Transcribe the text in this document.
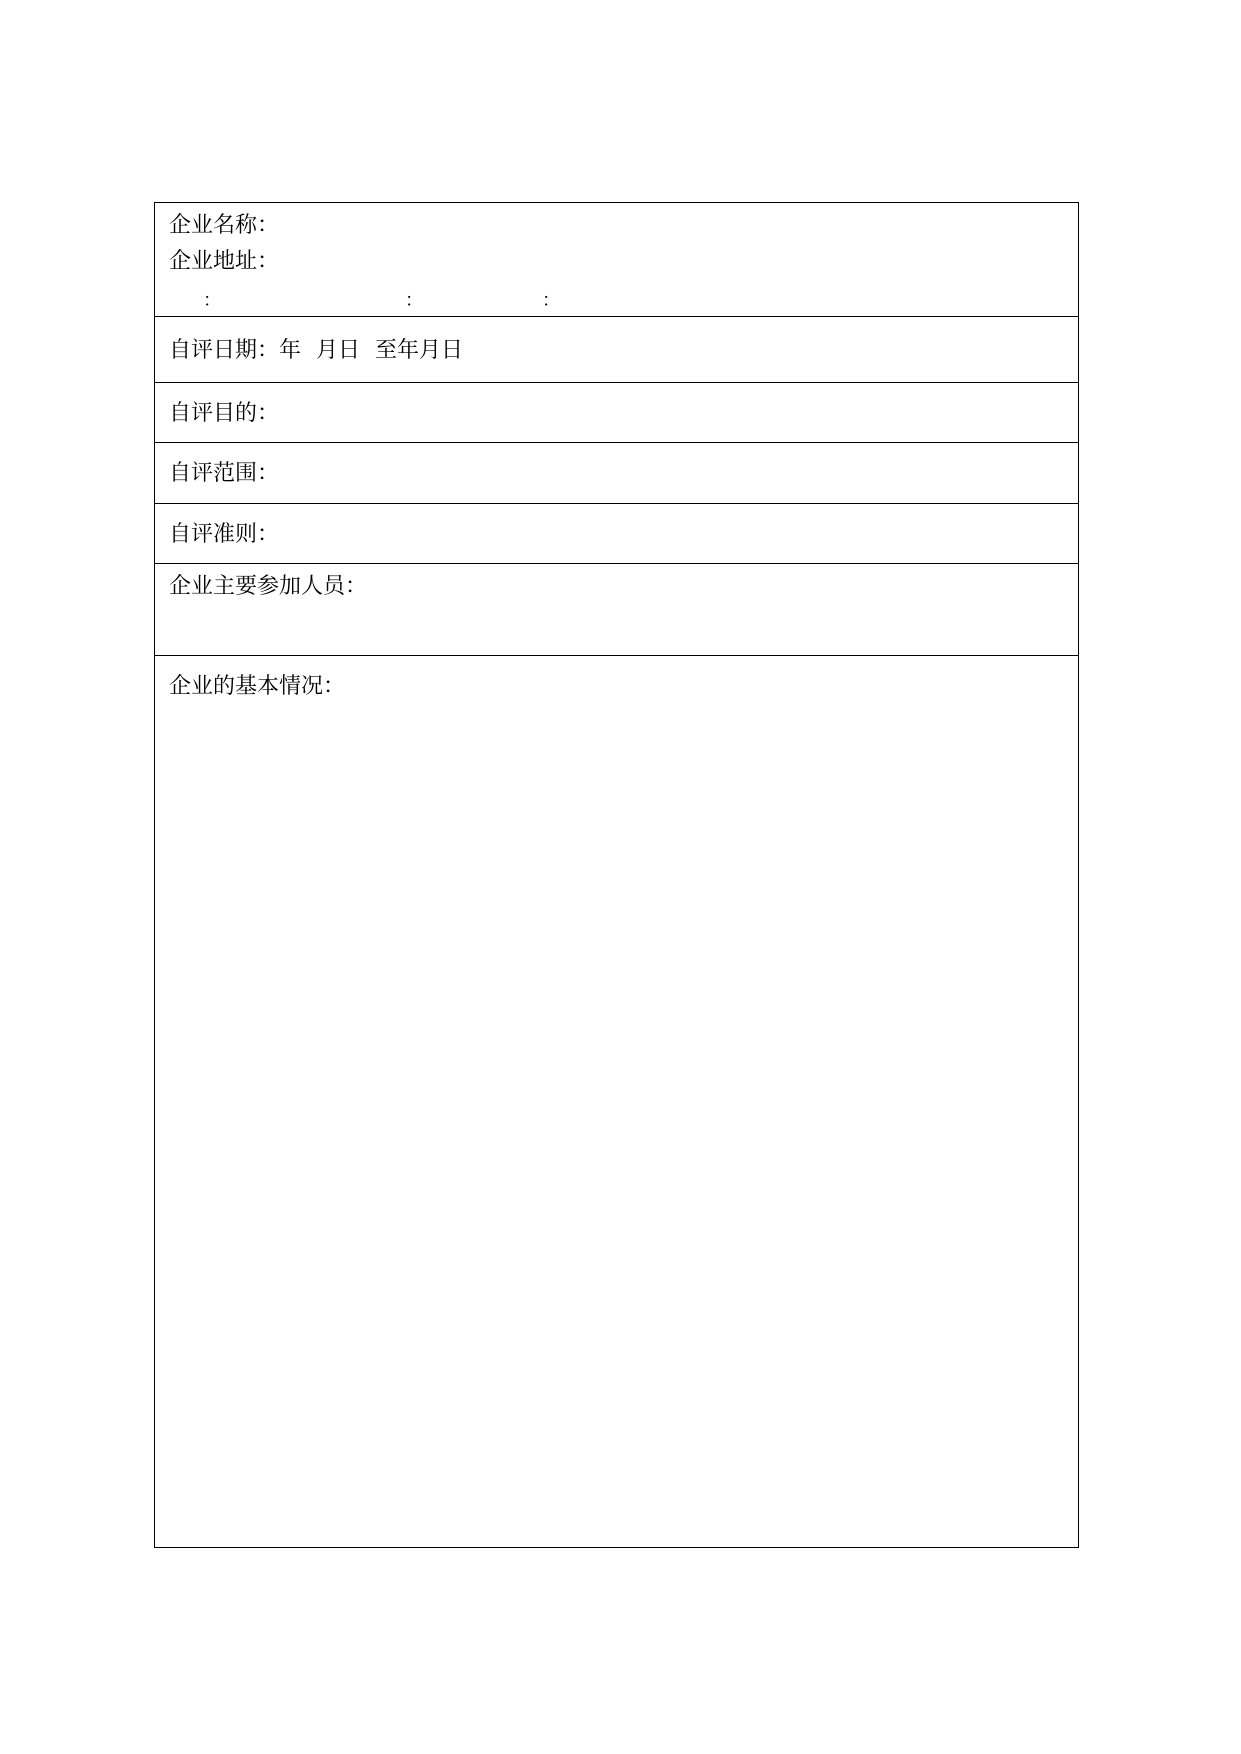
企业名称：
企业地址：
：	：	：
自评日期：年 月日 至年月日
自评目的：
自评范围：
自评准则：
企业主要参加人员：
企业的基本情况：
